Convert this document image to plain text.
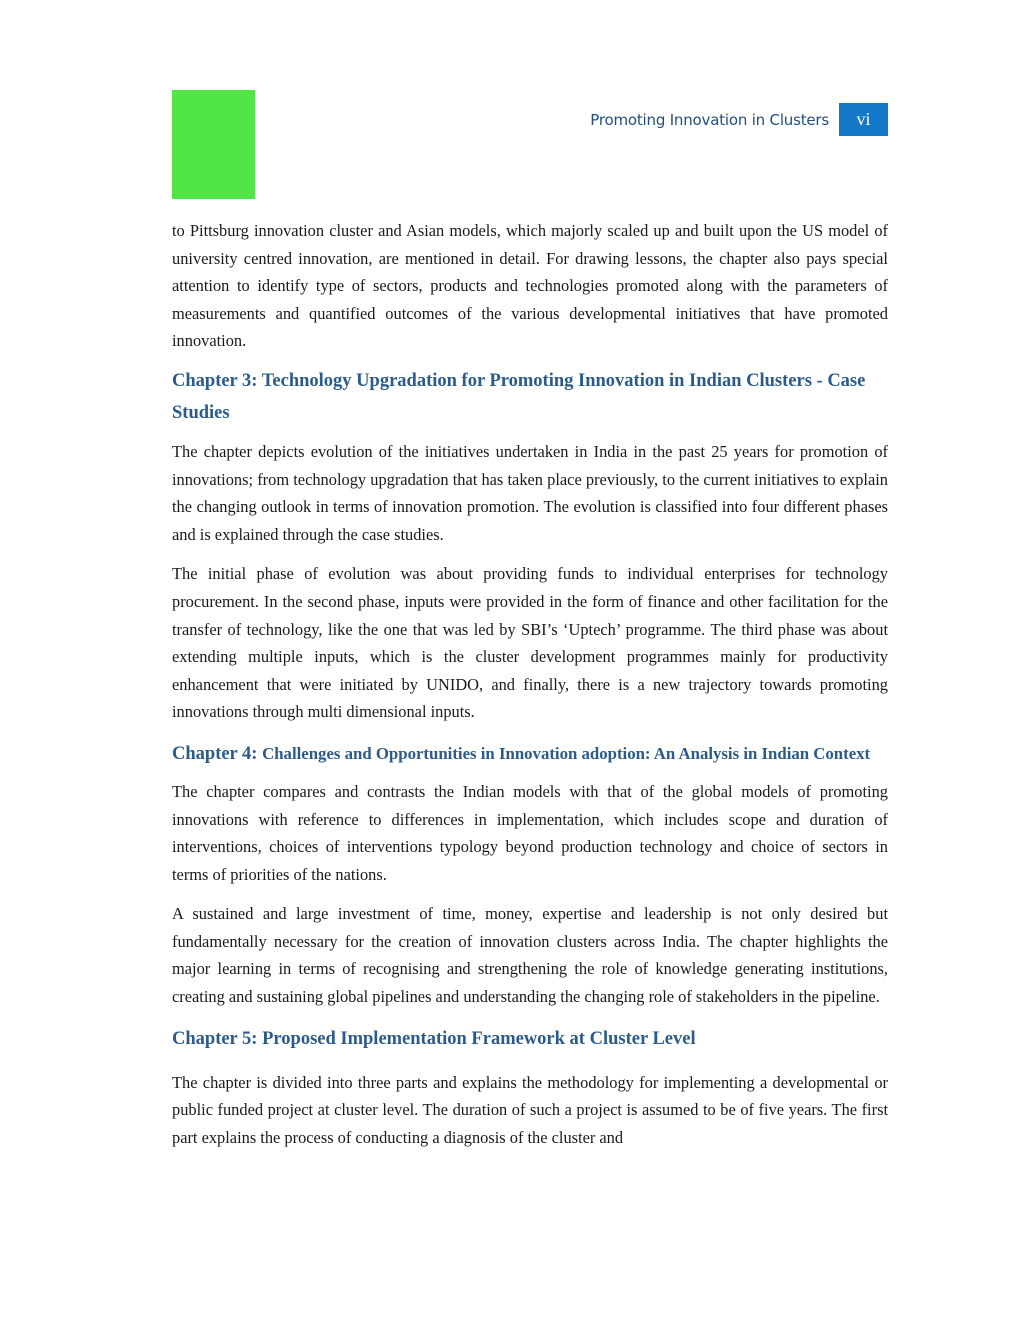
Promoting Innovation in Clusters	vi

to Pittsburg innovation cluster and Asian models, which majorly scaled up and built upon the US model of university centred innovation, are mentioned in detail. For drawing lessons, the chapter also pays special attention to identify type of sectors, products and technologies promoted along with the parameters of measurements and quantified outcomes of the various developmental initiatives that have promoted innovation.

Chapter 3: Technology Upgradation for Promoting Innovation in Indian Clusters - Case Studies

The chapter depicts evolution of the initiatives undertaken in India in the past 25 years for promotion of innovations; from technology upgradation that has taken place previously, to the current initiatives to explain the changing outlook in terms of innovation promotion. The evolution is classified into four different phases and is explained through the case studies.

The initial phase of evolution was about providing funds to individual enterprises for technology procurement. In the second phase, inputs were provided in the form of finance and other facilitation for the transfer of technology, like the one that was led by SBI’s ‘Uptech’ programme. The third phase was about extending multiple inputs, which is the cluster development programmes mainly for productivity enhancement that were initiated by UNIDO, and finally, there is a new trajectory towards promoting innovations through multi dimensional inputs.

Chapter 4: Challenges and Opportunities in Innovation adoption: An Analysis in Indian Context

The chapter compares and contrasts the Indian models with that of the global models of promoting innovations with reference to differences in implementation, which includes scope and duration of interventions, choices of interventions typology beyond production technology and choice of sectors in terms of priorities of the nations.

A sustained and large investment of time, money, expertise and leadership is not only desired but fundamentally necessary for the creation of innovation clusters across India. The chapter highlights the major learning in terms of recognising and strengthening the role of knowledge generating institutions, creating and sustaining global pipelines and understanding the changing role of stakeholders in the pipeline.

Chapter 5: Proposed Implementation Framework at Cluster Level

The chapter is divided into three parts and explains the methodology for implementing a developmental or public funded project at cluster level. The duration of such a project is assumed to be of five years. The first part explains the process of conducting a diagnosis of the cluster and
